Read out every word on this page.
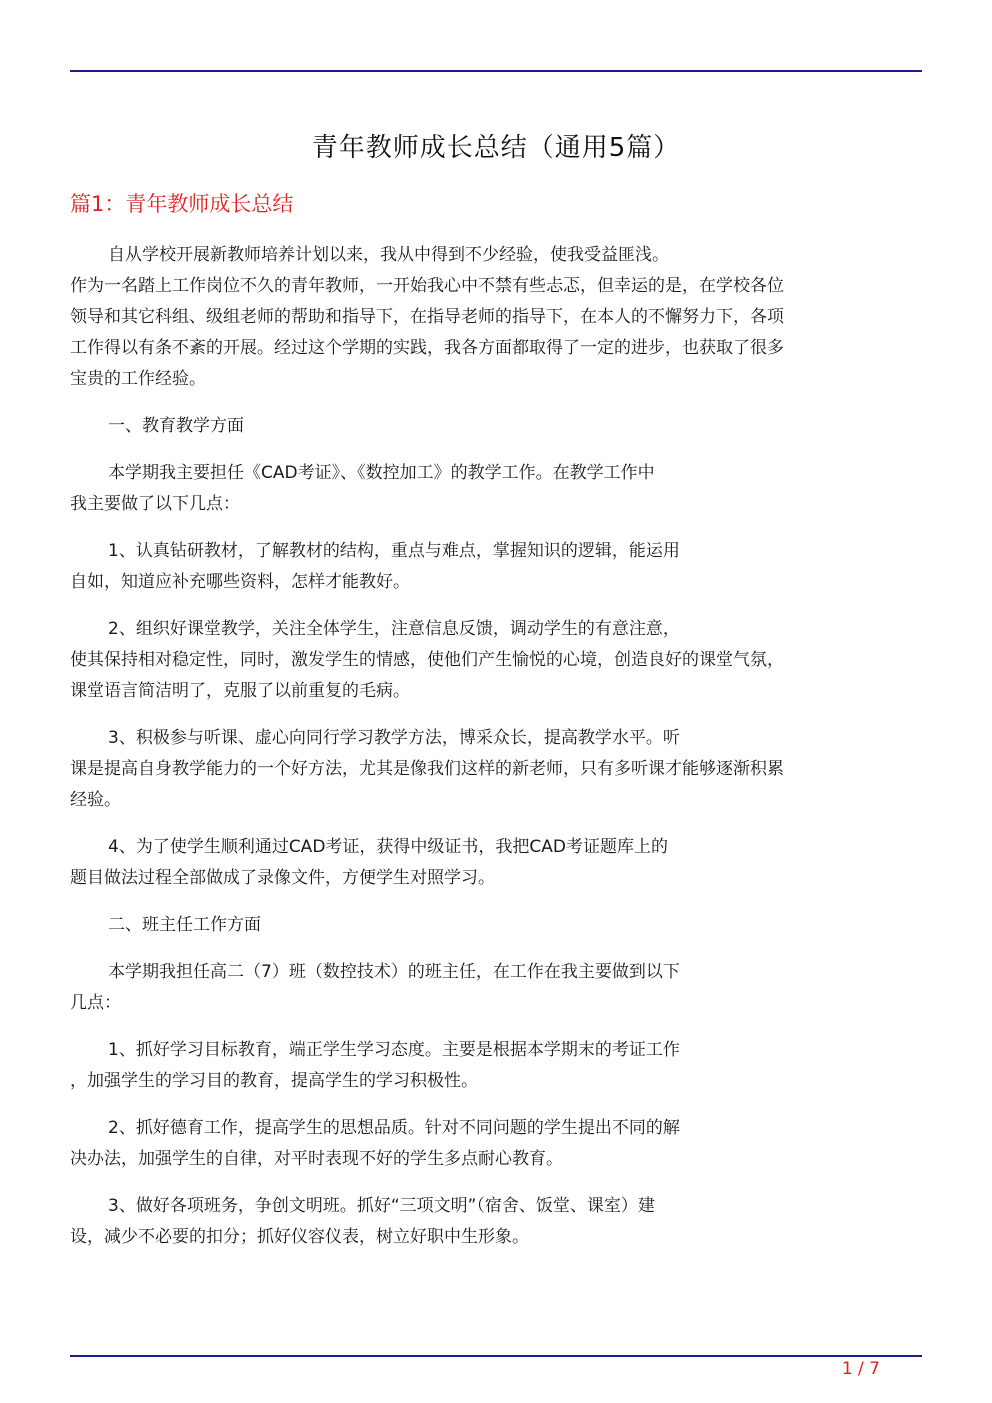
青年教师成长总结（通用5篇）
篇1：青年教师成长总结
自从学校开展新教师培养计划以来，我从中得到不少经验，使我受益匪浅。
作为一名踏上工作岗位不久的青年教师，一开始我心中不禁有些忐忑，但幸运的是，在学校各位
领导和其它科组、级组老师的帮助和指导下，在指导老师的指导下，在本人的不懈努力下，各项
工作得以有条不紊的开展。经过这个学期的实践，我各方面都取得了一定的进步，也获取了很多
宝贵的工作经验。
一、教育教学方面
本学期我主要担任《CAD考证》、《数控加工》的教学工作。在教学工作中
我主要做了以下几点：
1、认真钻研教材，了解教材的结构，重点与难点，掌握知识的逻辑，能运用
自如，知道应补充哪些资料，怎样才能教好。
2、组织好课堂教学，关注全体学生，注意信息反馈，调动学生的有意注意，
使其保持相对稳定性，同时，激发学生的情感，使他们产生愉悦的心境，创造良好的课堂气氛，
课堂语言简洁明了，克服了以前重复的毛病。
3、积极参与听课、虚心向同行学习教学方法，博采众长，提高教学水平。听
课是提高自身教学能力的一个好方法，尤其是像我们这样的新老师，只有多听课才能够逐渐积累
经验。
4、为了使学生顺利通过CAD考证，获得中级证书，我把CAD考证题库上的
题目做法过程全部做成了录像文件，方便学生对照学习。
二、班主任工作方面
本学期我担任高二（7）班（数控技术）的班主任，在工作在我主要做到以下
几点：
1、抓好学习目标教育，端正学生学习态度。主要是根据本学期末的考证工作
，加强学生的学习目的教育，提高学生的学习积极性。
2、抓好德育工作，提高学生的思想品质。针对不同问题的学生提出不同的解
决办法，加强学生的自律，对平时表现不好的学生多点耐心教育。
3、做好各项班务，争创文明班。抓好“三项文明”（宿舍、饭堂、课室）建
设，减少不必要的扣分；抓好仪容仪表，树立好职中生形象。
1 / 7
